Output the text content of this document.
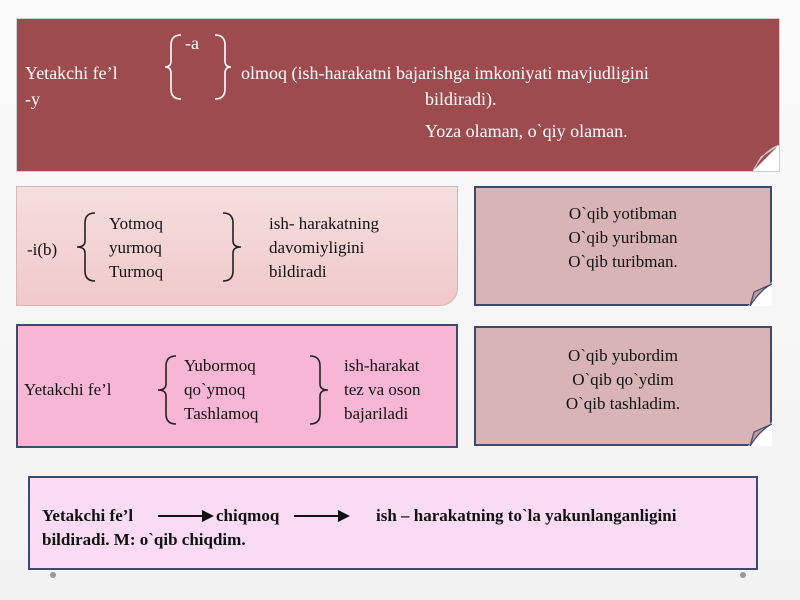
-a
Yetakchi fe’l
-y
olmoq (ish-harakatni bajarishga imkoniyati mavjudligini
bildiradi).
Yoza olaman, o`qiy olaman.
-i(b)
Yotmoq
yurmoq
Turmoq
ish- harakatning
davomiyligini
bildiradi
O`qib yotibman
O`qib yuribman
O`qib turibman.
Yetakchi fe’l
Yubormoq
qo`ymoq
Tashlamoq
ish-harakat
tez va oson
bajariladi
O`qib yubordim
O`qib qo`ydim
O`qib tashladim.
Yetakchi fe’l	chiqmoq	ish – harakatning to`la yakunlanganligini
bildiradi. M: o`qib chiqdim.
